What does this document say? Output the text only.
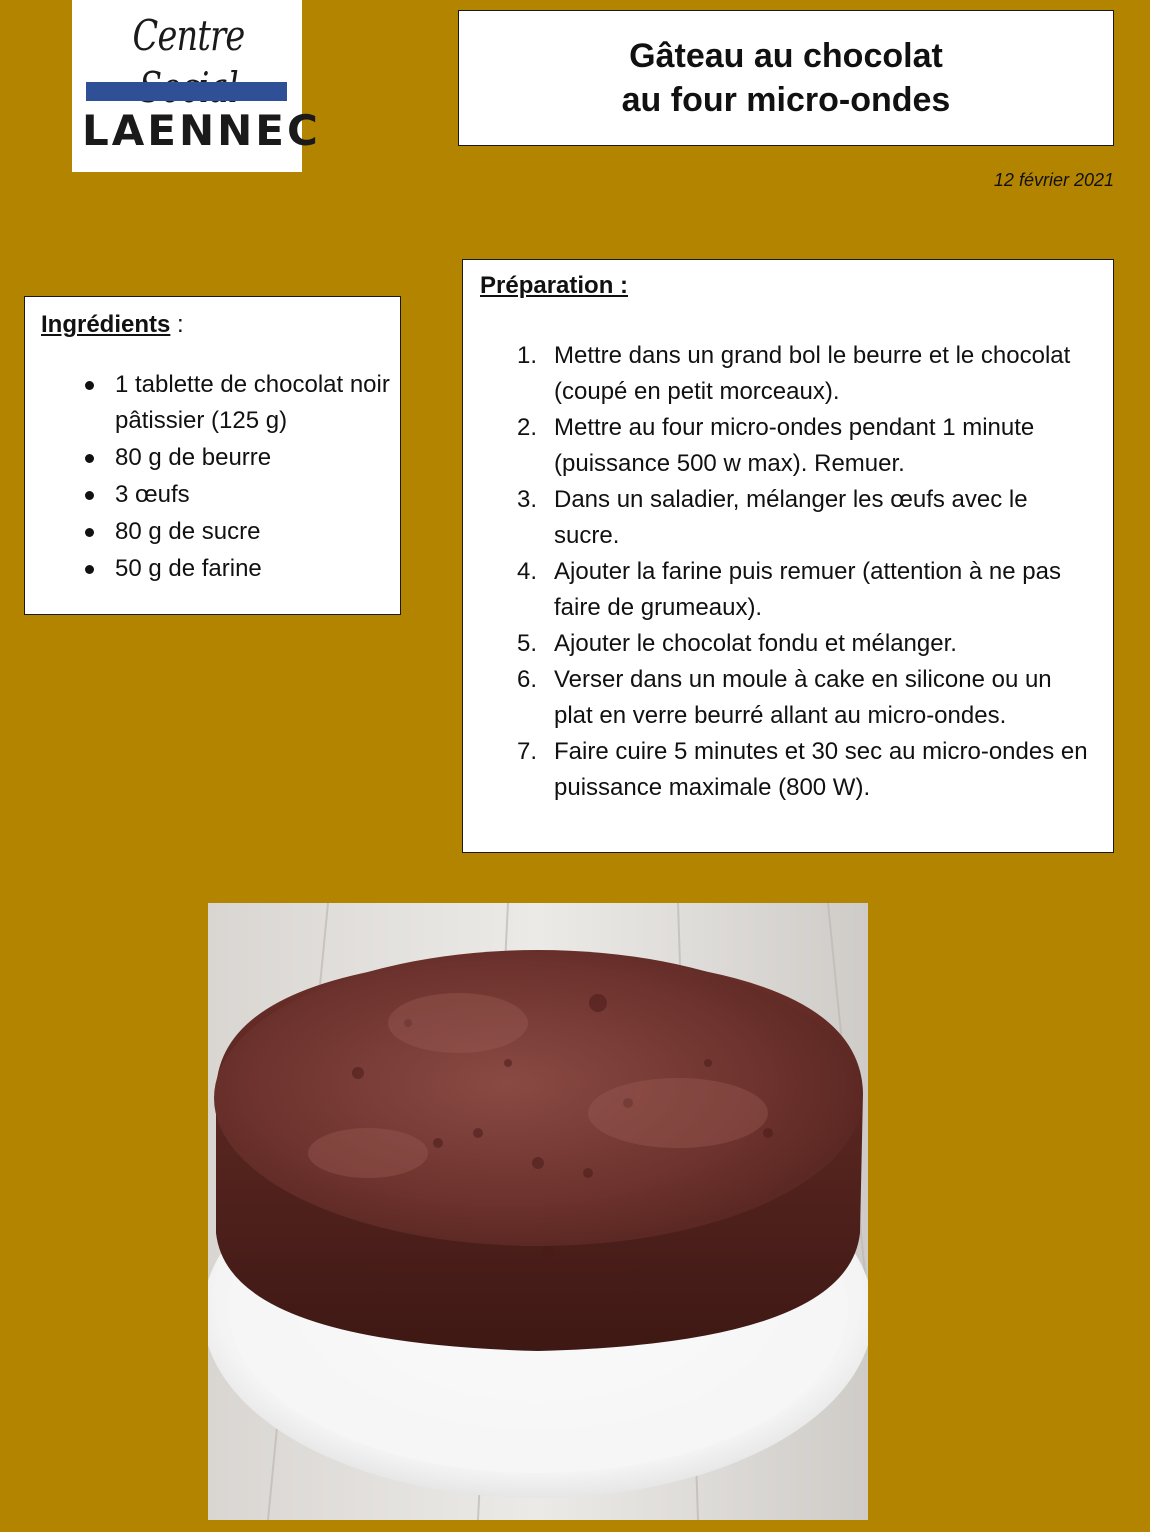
Centre
LAENNEC
Gâteau au chocolat
au four micro-ondes
12 février 2021
Ingrédients :
1 tablette de chocolat noir pâtissier (125 g)
80 g de beurre
3 œufs
80 g de sucre
50 g de farine
Préparation :
1. Mettre dans un grand bol le beurre et le chocolat (coupé en petit morceaux).
2. Mettre au four micro-ondes pendant 1 minute (puissance 500 w max). Remuer.
3. Dans un saladier, mélanger les œufs avec le sucre.
4. Ajouter la farine puis remuer (attention à ne pas faire de grumeaux).
5. Ajouter le chocolat fondu et mélanger.
6. Verser dans un moule à cake en silicone ou un plat en verre beurré allant au micro-ondes.
7. Faire cuire 5 minutes et 30 sec au micro-ondes en puissance maximale (800 W).
